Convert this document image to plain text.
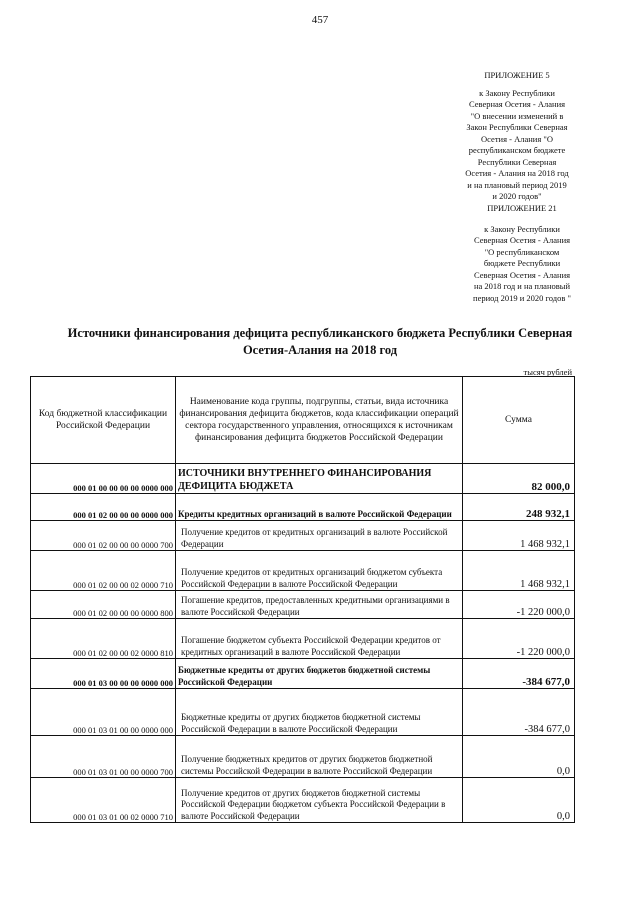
457
ПРИЛОЖЕНИЕ 5
к Закону Республики
Северная Осетия - Алания
"О внесении изменений в
Закон Республики Северная
Осетия - Алания "О
республиканском бюджете
Республики Северная
Осетия - Алания на 2018 год
и на плановый период 2019
и 2020 годов"
ПРИЛОЖЕНИЕ 21
к Закону Республики
Северная Осетия - Алания
"О республиканском
бюджете Республики
Северная Осетия - Алания
на 2018 год и на плановый
период 2019 и 2020 годов "
Источники финансирования дефицита республиканского бюджета Республики Северная
Осетия-Алания на 2018 год
тысяч рублей
Код бюджетной классификации Российской Федерации	Наименование кода группы, подгруппы, статьи, вида источника финансирования дефицита бюджетов, кода классификации операций сектора государственного управления, относящихся к источникам финансирования дефицита бюджетов Российской Федерации	Сумма
000 01 00 00 00 00 0000 000	ИСТОЧНИКИ ВНУТРЕННЕГО ФИНАНСИРОВАНИЯ ДЕФИЦИТА БЮДЖЕТА	82 000,0
000 01 02 00 00 00 0000 000	Кредиты кредитных организаций в валюте Российской Федерации	248 932,1
000 01 02 00 00 00 0000 700	Получение кредитов от кредитных организаций в валюте Российской Федерации	1 468 932,1
000 01 02 00 00 02 0000 710	Получение кредитов от кредитных организаций бюджетом субъекта Российской Федерации в валюте Российской Федерации	1 468 932,1
000 01 02 00 00 00 0000 800	Погашение кредитов, предоставленных кредитными организациями в валюте Российской Федерации	-1 220 000,0
000 01 02 00 00 02 0000 810	Погашение бюджетом субъекта Российской Федерации кредитов от кредитных организаций в валюте Российской Федерации	-1 220 000,0
000 01 03 00 00 00 0000 000	Бюджетные кредиты от других бюджетов бюджетной системы Российской Федерации	-384 677,0
000 01 03 01 00 00 0000 000	Бюджетные кредиты от других бюджетов бюджетной системы Российской Федерации в валюте Российской Федерации	-384 677,0
000 01 03 01 00 00 0000 700	Получение бюджетных кредитов от других бюджетов бюджетной системы Российской Федерации в валюте Российской Федерации	0,0
000 01 03 01 00 02 0000 710	Получение кредитов от других бюджетов бюджетной системы Российской Федерации бюджетом субъекта Российской Федерации в валюте Российской Федерации	0,0
